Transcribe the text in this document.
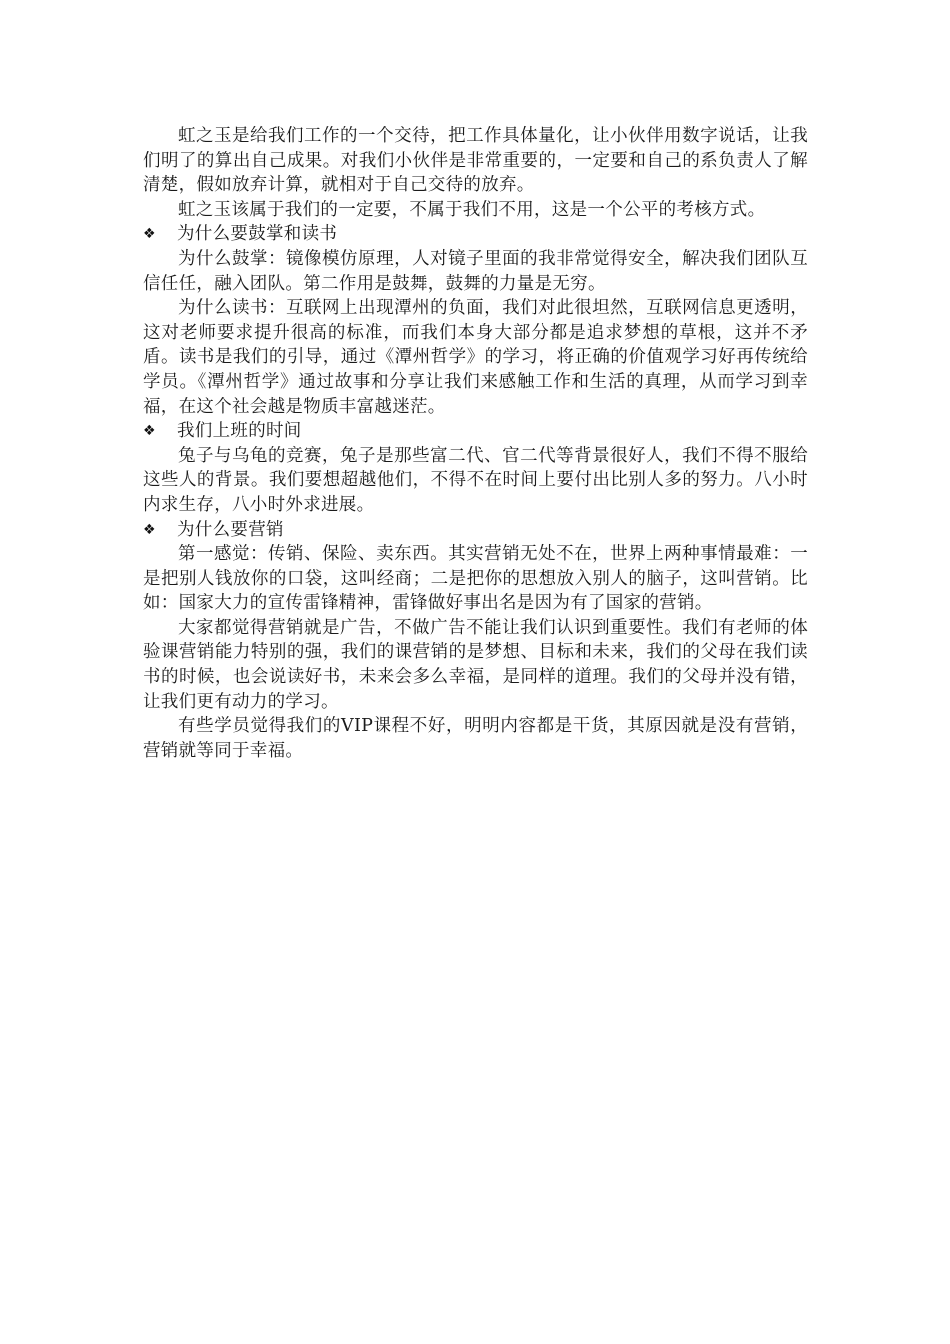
虹之玉是给我们工作的一个交待，把工作具体量化，让小伙伴用数字说话，让我们明了的算出自己成果。对我们小伙伴是非常重要的，一定要和自己的系负责人了解清楚，假如放弃计算，就相对于自己交待的放弃。

虹之玉该属于我们的一定要，不属于我们不用，这是一个公平的考核方式。

❖	为什么要鼓掌和读书

为什么鼓掌：镜像模仿原理，人对镜子里面的我非常觉得安全，解决我们团队互信任任，融入团队。第二作用是鼓舞，鼓舞的力量是无穷。

为什么读书：互联网上出现潭州的负面，我们对此很坦然，互联网信息更透明，这对老师要求提升很高的标准，而我们本身大部分都是追求梦想的草根，这并不矛盾。读书是我们的引导，通过《潭州哲学》的学习，将正确的价值观学习好再传统给学员。《潭州哲学》通过故事和分享让我们来感触工作和生活的真理，从而学习到幸福，在这个社会越是物质丰富越迷茫。

❖	我们上班的时间

兔子与乌龟的竞赛，兔子是那些富二代、官二代等背景很好人，我们不得不服给这些人的背景。我们要想超越他们，不得不在时间上要付出比别人多的努力。八小时内求生存，八小时外求进展。

❖	为什么要营销

第一感觉：传销、保险、卖东西。其实营销无处不在，世界上两种事情最难：一是把别人钱放你的口袋，这叫经商；二是把你的思想放入别人的脑子，这叫营销。比如：国家大力的宣传雷锋精神，雷锋做好事出名是因为有了国家的营销。

大家都觉得营销就是广告，不做广告不能让我们认识到重要性。我们有老师的体验课营销能力特别的强，我们的课营销的是梦想、目标和未来，我们的父母在我们读书的时候，也会说读好书，未来会多么幸福，是同样的道理。我们的父母并没有错，让我们更有动力的学习。

有些学员觉得我们的VIP课程不好，明明内容都是干货，其原因就是没有营销，营销就等同于幸福。
